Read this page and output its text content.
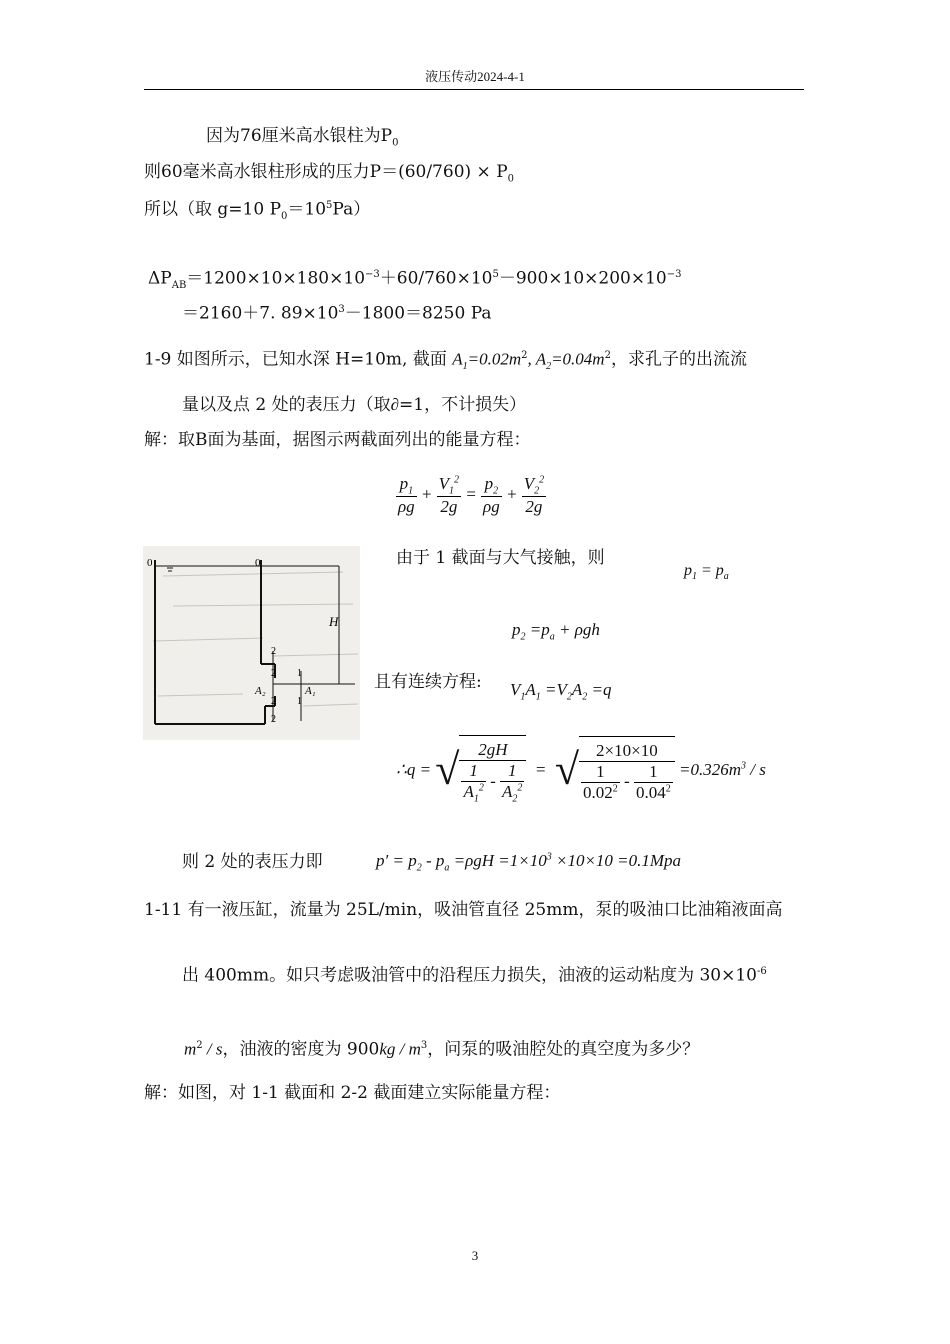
液压传动2024-4-1
因为76厘米高水银柱为$P_0$
则60毫米高水银柱形成的压力$P=(60/760) \times P_0$
所以（取 g=10 $P_0=10^5Pa$）
$\Delta P_{AB}=1200\times 10\times 180\times 10^{-3}+60/760\times 10^5-900\times 10\times 200\times 10^{-3}$
＝2160＋7. $89\times 10^3-1800=8250$ Pa
1-9 如图所示，已知水深 H=10m, 截面 $A_1=0.02m^2$, $A_2=0.04m^2$，求孔子的出流流
量以及点 2 处的表压力（取∂=1，不计损失）
解：取B面为基面，据图示两截面列出的能量方程：
$\frac{p_1}{\rho g} + \frac{V_1^2}{2g} = \frac{p_2}{\rho g} + \frac{V_2^2}{2g}$
0	0
H
2
2 1
A₂	A₁
2 1
2
由于 1 截面与大气接触，则
$p_1 = p_a$
$p_2 =p_a + \rho gh$
且有连续方程: $V_1A_1 =V_2A_2 =q$
∴q = √ $\frac{2gH}{\frac{1}{A_1^2} - \frac{1}{A_2^2}}$ =  √ $\frac{2\times 10\times 10}{\frac{1}{0.02^2} - \frac{1}{0.04^2}} =0.326m^3 / s$
则 2 处的表压力即	$p' = p_2 - p_a =\rho gH =1\times 10^3 \times 10\times 10 =0.1Mpa$
1-11 有一液压缸，流量为 25L/min，吸油管直径 25mm，泵的吸油口比油箱液面高
出 400mm。如只考虑吸油管中的沿程压力损失，油液的运动粘度为 $30\times 10^{-6}$
$m^2$ / s，油液的密度为 $900kg / m^3$，问泵的吸油腔处的真空度为多少？
解：如图，对 1-1 截面和 2-2 截面建立实际能量方程：
3
